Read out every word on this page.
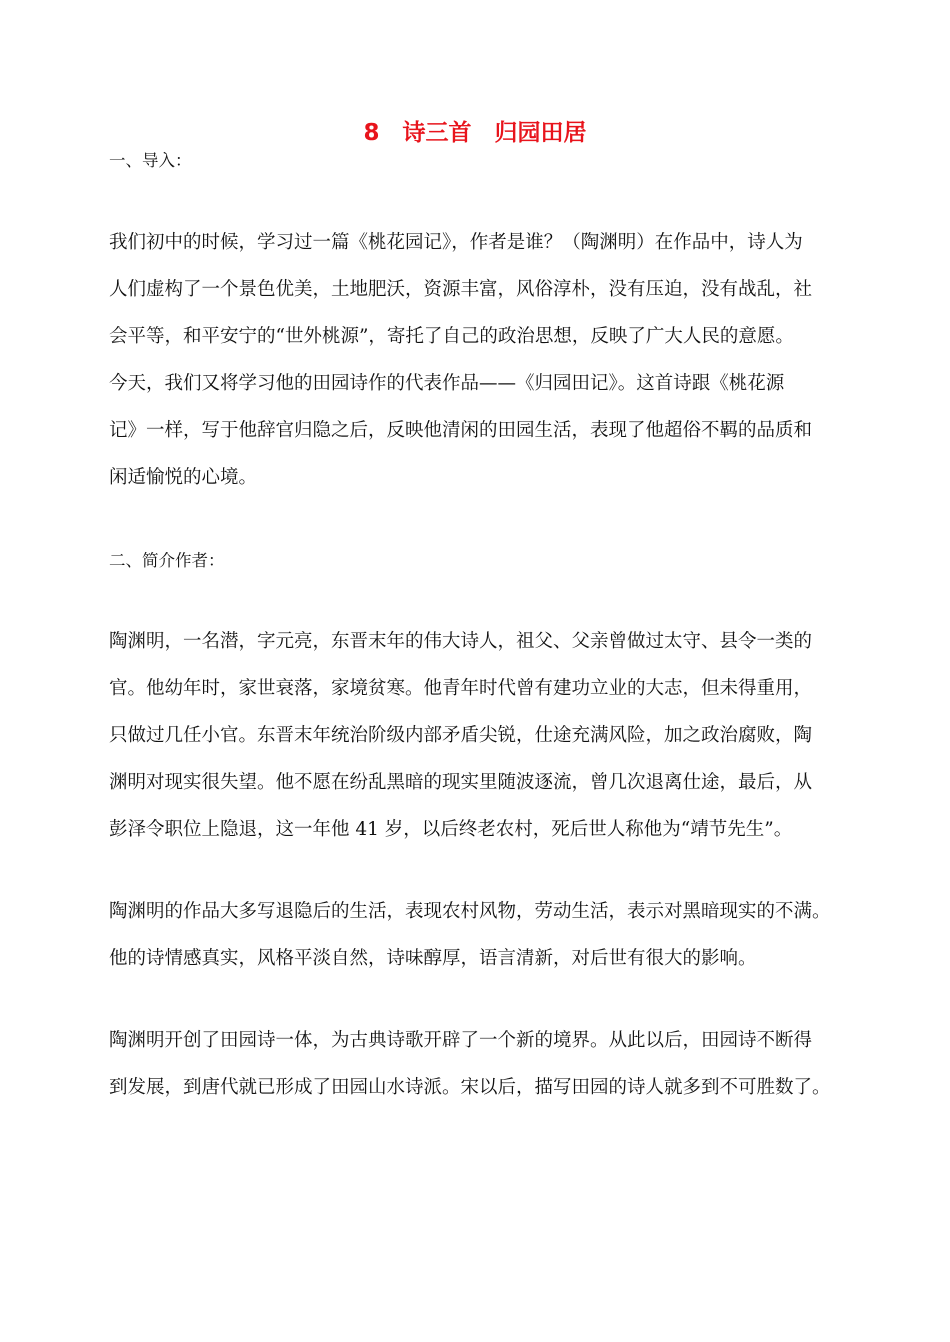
8　诗三首　归园田居
一、导入：
我们初中的时候，学习过一篇《桃花园记》，作者是谁？（陶渊明）在作品中，诗人为
人们虚构了一个景色优美，土地肥沃，资源丰富，风俗淳朴，没有压迫，没有战乱，社
会平等，和平安宁的“世外桃源”，寄托了自己的政治思想，反映了广大人民的意愿。
今天，我们又将学习他的田园诗作的代表作品——《归园田记》。这首诗跟《桃花源
记》一样，写于他辞官归隐之后，反映他清闲的田园生活，表现了他超俗不羁的品质和
闲适愉悦的心境。
二、简介作者：
陶渊明，一名潜，字元亮，东晋末年的伟大诗人，祖父、父亲曾做过太守、县令一类的
官。他幼年时，家世衰落，家境贫寒。他青年时代曾有建功立业的大志，但未得重用，
只做过几任小官。东晋末年统治阶级内部矛盾尖锐，仕途充满风险，加之政治腐败，陶
渊明对现实很失望。他不愿在纷乱黑暗的现实里随波逐流，曾几次退离仕途，最后，从
彭泽令职位上隐退，这一年他 41 岁，以后终老农村，死后世人称他为“靖节先生”。
陶渊明的作品大多写退隐后的生活，表现农村风物，劳动生活，表示对黑暗现实的不满。
他的诗情感真实，风格平淡自然，诗味醇厚，语言清新，对后世有很大的影响。
陶渊明开创了田园诗一体，为古典诗歌开辟了一个新的境界。从此以后，田园诗不断得
到发展，到唐代就已形成了田园山水诗派。宋以后，描写田园的诗人就多到不可胜数了。
